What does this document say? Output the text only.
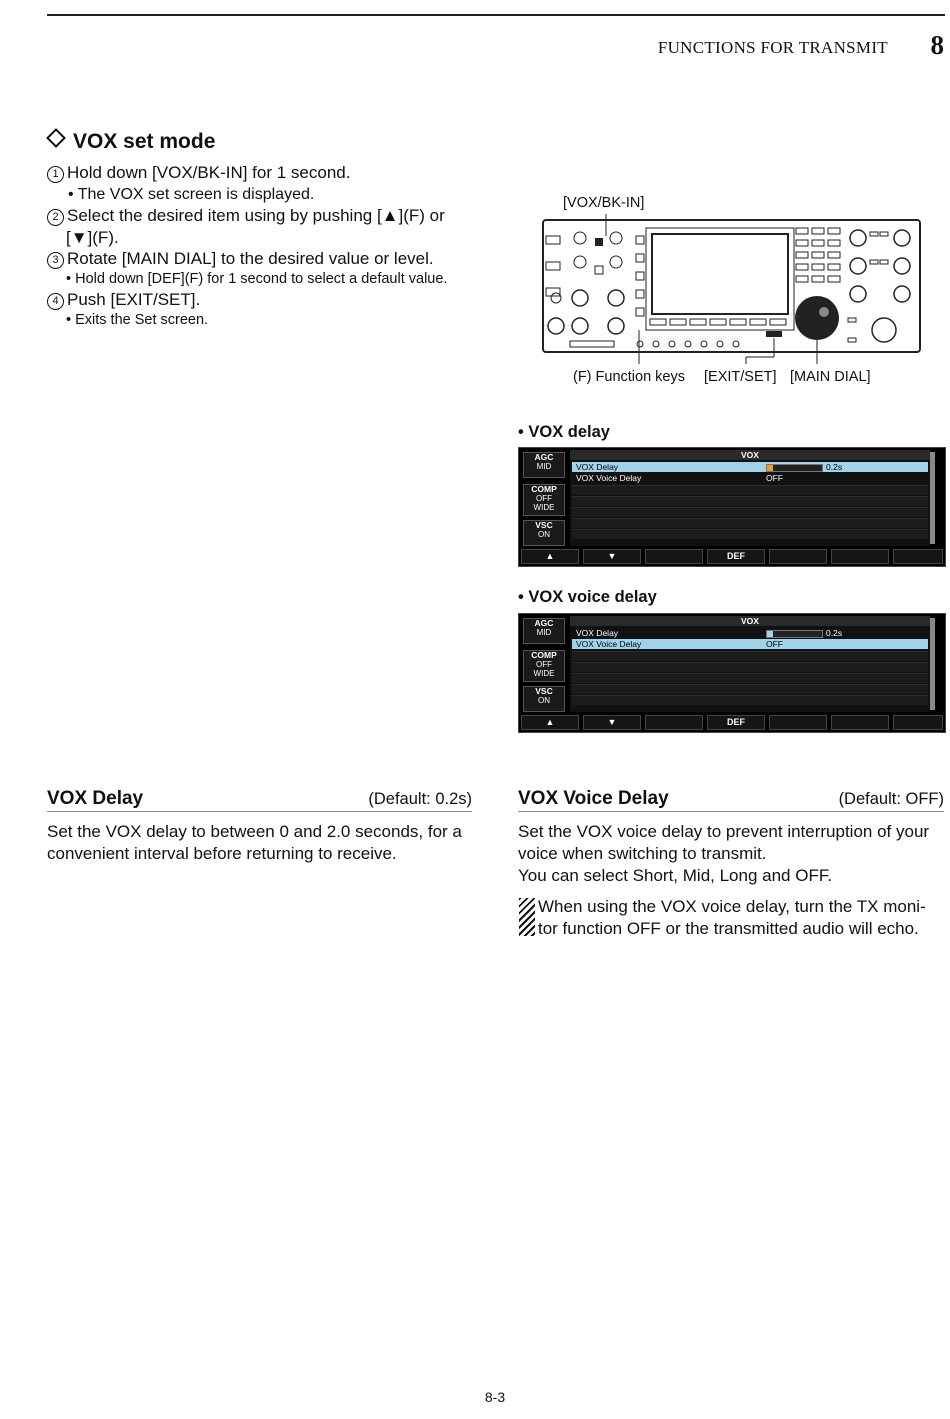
FUNCTIONS FOR TRANSMIT 8
VOX set mode
1 Hold down [VOX/BK-IN] for 1 second.
• The VOX set screen is displayed.
2 Select the desired item using by pushing [▲](F) or
[▼](F).
3 Rotate [MAIN DIAL] to the desired value or level.
• Hold down [DEF](F) for 1 second to select a default value.
4 Push [EXIT/SET].
• Exits the Set screen.
[VOX/BK-IN]
(F) Function keys [EXIT/SET] [MAIN DIAL]
• VOX delay
AGC
MID
COMP
OFF
WIDE
VSC
ON
VOX
VOX Delay	0.2s
VOX Voice Delay	OFF
▲	▼	DEF
• VOX voice delay
AGC
MID
COMP
OFF
WIDE
VSC
ON
VOX
VOX Delay	0.2s
VOX Voice Delay	OFF
▲	▼	DEF
VOX Delay	(Default: 0.2s)
Set the VOX delay to between 0 and 2.0 seconds, for a
convenient interval before returning to receive.
VOX Voice Delay	(Default: OFF)
Set the VOX voice delay to prevent interruption of your
voice when switching to transmit.
You can select Short, Mid, Long and OFF.
When using the VOX voice delay, turn the TX moni-
tor function OFF or the transmitted audio will echo.
8-3
